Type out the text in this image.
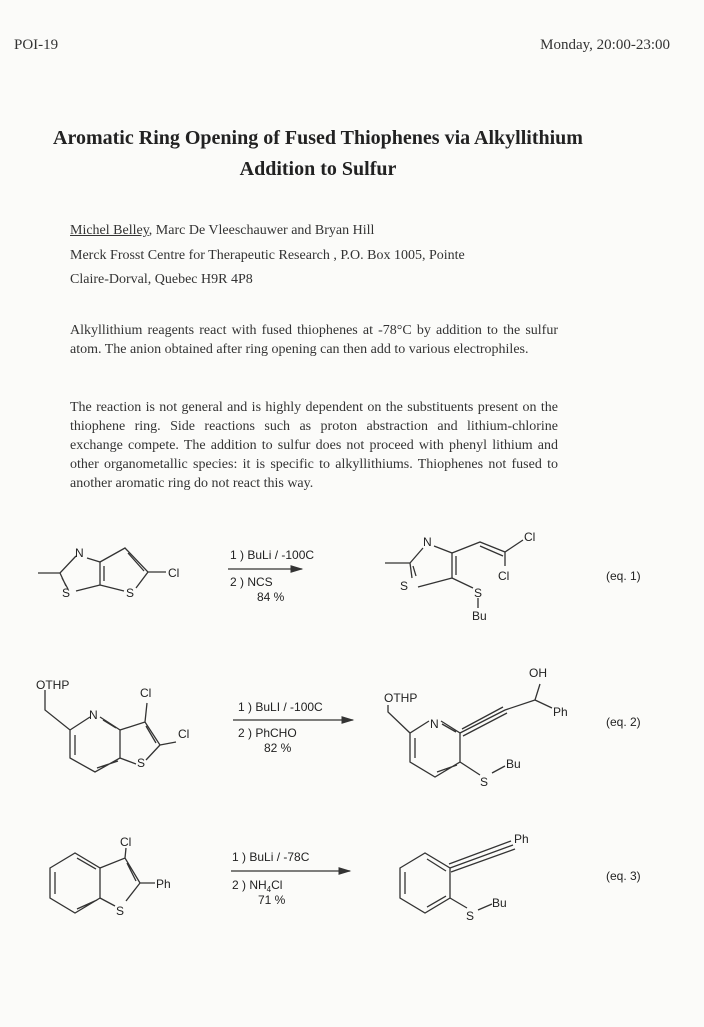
POI-19	Monday, 20:00-23:00
Aromatic Ring Opening of Fused Thiophenes via Alkyllithium
Addition to Sulfur
Michel Belley, Marc De Vleeschauwer and Bryan Hill
Merck Frosst Centre for Therapeutic Research , P.O. Box 1005, Pointe
Claire-Dorval, Quebec H9R 4P8

Alkyllithium reagents react with fused thiophenes at -78°C by addition to the sulfur atom. The anion obtained after ring opening can then add to various electrophiles.

The reaction is not general and is highly dependent on the substituents present on the thiophene ring. Side reactions such as proton abstraction and lithium-chlorine exchange compete. The addition to sulfur does not proceed with phenyl lithium and other organometallic species: it is specific to alkyllithiums. Thiophenes not fused to another aromatic ring do not react this way.

N
S	S
Cl
1 ) BuLi / -100C
2 ) NCS
84 %
N
S	S
Bu
Cl
Cl	(eq. 1)
OTHP
N
S
Cl
Cl
1 ) BuLI / -100C
2 ) PhCHO
82 %
OTHP
N
OH
Ph
S
Bu
(eq. 2)
Cl
Ph
S
1 ) BuLi / -78C
2 ) $NH_4Cl$
71 %
Ph
S
Bu
(eq. 3)
